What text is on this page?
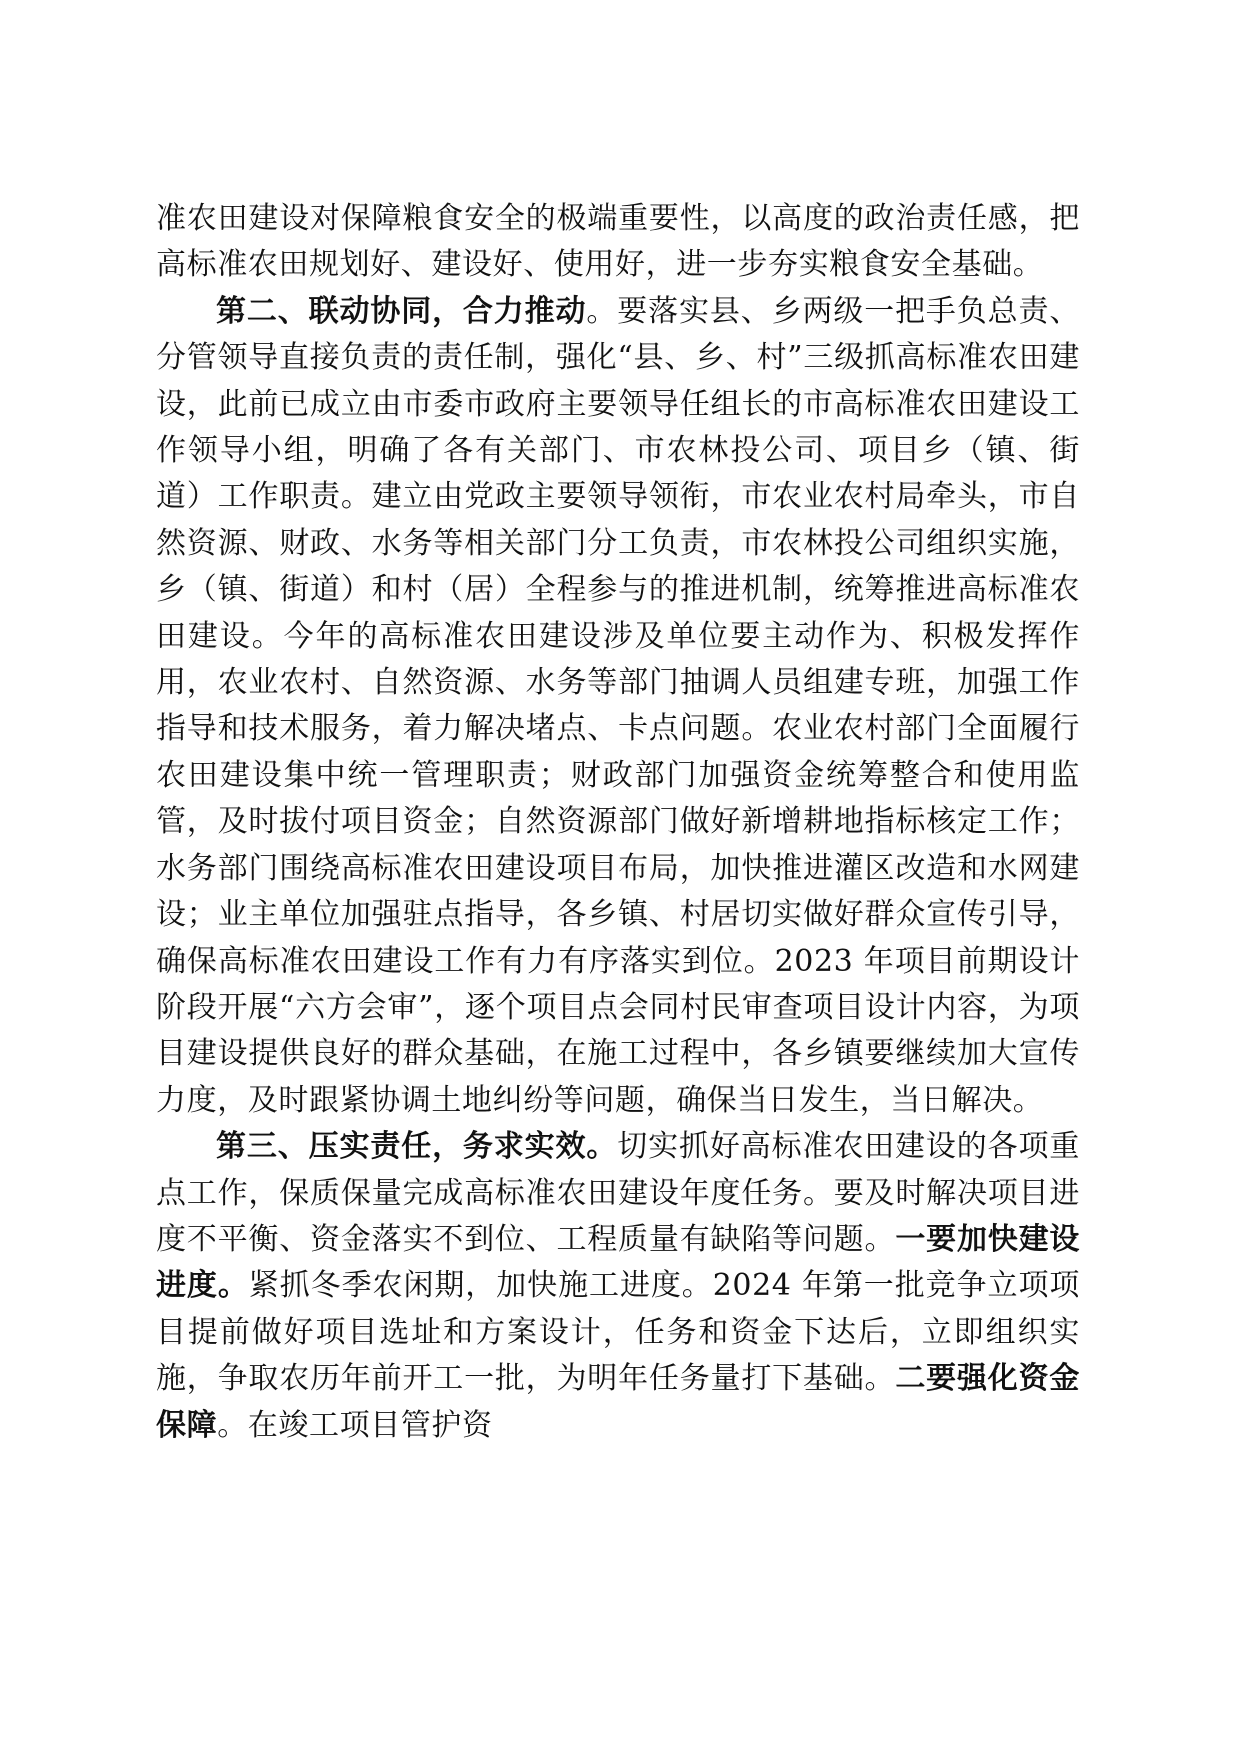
准农田建设对保障粮食安全的极端重要性，以高度的政治责任感，把高标准农田规划好、建设好、使用好，进一步夯实粮食安全基础。

第二、联动协同，合力推动。要落实县、乡两级一把手负总责、分管领导直接负责的责任制，强化“县、乡、村”三级抓高标准农田建设，此前已成立由市委市政府主要领导任组长的市高标准农田建设工作领导小组，明确了各有关部门、市农林投公司、项目乡（镇、街道）工作职责。建立由党政主要领导领衔，市农业农村局牵头，市自然资源、财政、水务等相关部门分工负责，市农林投公司组织实施，乡（镇、街道）和村（居）全程参与的推进机制，统筹推进高标准农田建设。今年的高标准农田建设涉及单位要主动作为、积极发挥作用，农业农村、自然资源、水务等部门抽调人员组建专班，加强工作指导和技术服务，着力解决堵点、卡点问题。农业农村部门全面履行农田建设集中统一管理职责；财政部门加强资金统筹整合和使用监管，及时拔付项目资金；自然资源部门做好新增耕地指标核定工作；水务部门围绕高标准农田建设项目布局，加快推进灌区改造和水网建设；业主单位加强驻点指导，各乡镇、村居切实做好群众宣传引导，确保高标准农田建设工作有力有序落实到位。2023 年项目前期设计阶段开展“六方会审”，逐个项目点会同村民审查项目设计内容，为项目建设提供良好的群众基础，在施工过程中，各乡镇要继续加大宣传力度，及时跟紧协调土地纠纷等问题，确保当日发生，当日解决。

第三、压实责任，务求实效。切实抓好高标准农田建设的各项重点工作，保质保量完成高标准农田建设年度任务。要及时解决项目进度不平衡、资金落实不到位、工程质量有缺陷等问题。一要加快建设进度。紧抓冬季农闲期，加快施工进度。2024 年第一批竞争立项项目提前做好项目选址和方案设计，任务和资金下达后，立即组织实施，争取农历年前开工一批，为明年任务量打下基础。二要强化资金保障。在竣工项目管护资
